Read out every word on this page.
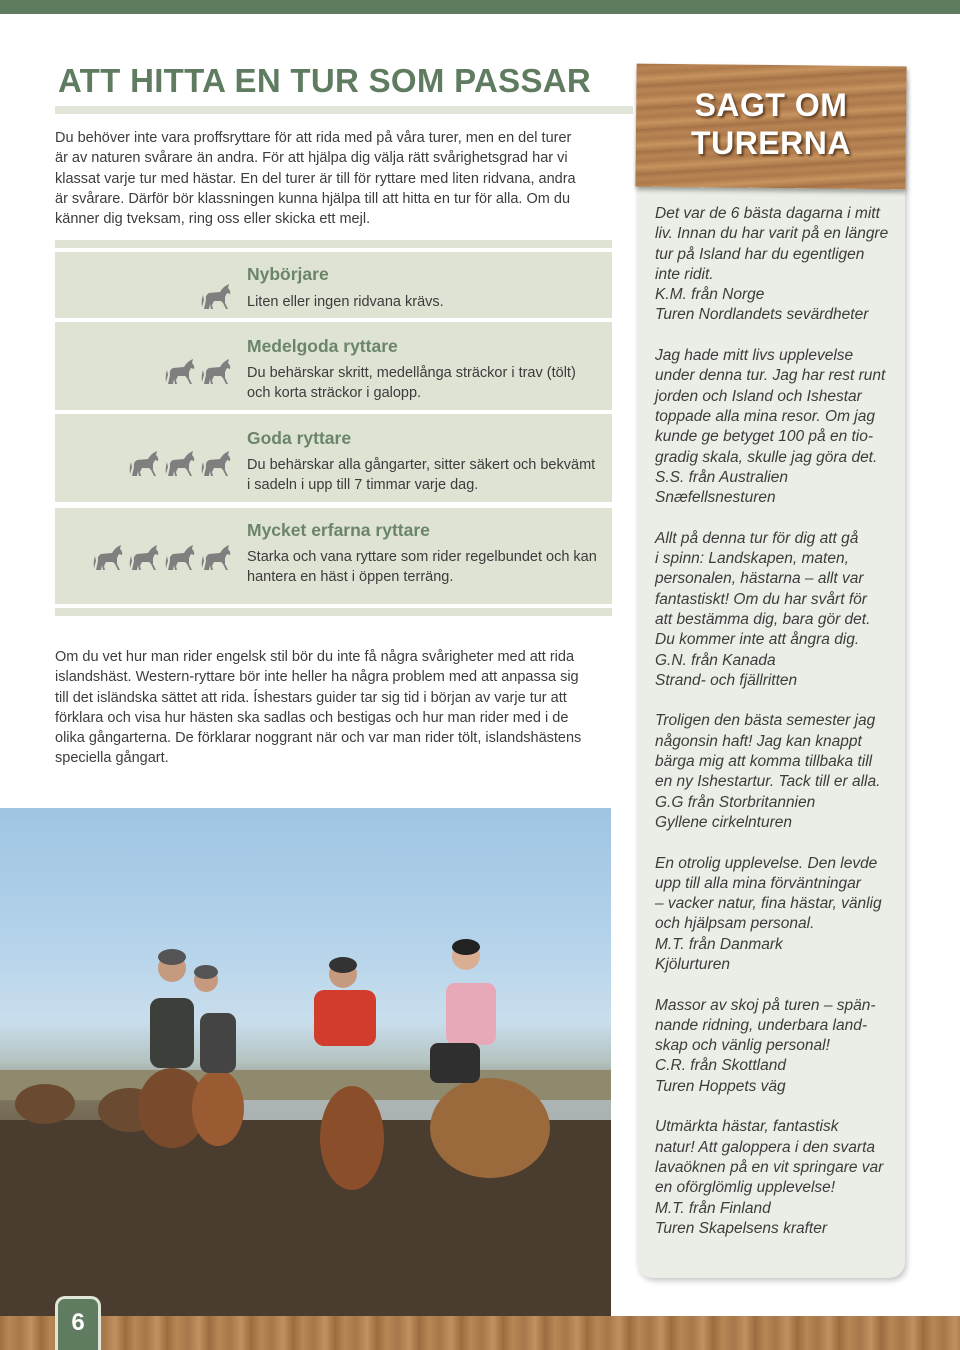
ATT HITTA EN TUR SOM PASSAR
Du behöver inte vara proffsryttare för att rida med på våra turer, men en del turer
är av naturen svårare än andra. För att hjälpa dig välja rätt svårighetsgrad har vi
klassat varje tur med hästar. En del turer är till för ryttare med liten ridvana, andra
är svårare. Därför bör klassningen kunna hjälpa till att hitta en tur för alla. Om du
känner dig tveksam, ring oss eller skicka ett mejl.
Nybörjare
Liten eller ingen ridvana krävs.
Medelgoda ryttare
Du behärskar skritt, medellånga sträckor i trav (tölt) och korta sträckor i galopp.
Goda ryttare
Du behärskar alla gångarter, sitter säkert och bekvämt i sadeln i upp till 7 timmar varje dag.
Mycket erfarna ryttare
Starka och vana ryttare som rider regelbundet och kan hantera en häst i öppen terräng.
Om du vet hur man rider engelsk stil bör du inte få några svårigheter med att rida
islandshäst. Western-ryttare bör inte heller ha några problem med att anpassa sig
till det isländska sättet att rida. Íshestars guider tar sig tid i början av varje tur att
förklara och visa hur hästen ska sadlas och bestigas och hur man rider med i de
olika gångarterna. De förklarar noggrant när och var man rider tölt, islandshästens
speciella gångart.
6
SAGT OM
TURERNA
Det var de 6 bästa dagarna i mitt
liv. Innan du har varit på en längre
tur på Island har du egentligen
inte ridit.
K.M. från Norge
Turen Nordlandets sevärdheter
Jag hade mitt livs upplevelse
under denna tur. Jag har rest runt
jorden och Island och Ishestar
toppade alla mina resor. Om jag
kunde ge betyget 100 på en tio-
gradig skala, skulle jag göra det.
S.S. från Australien
Snæfellsnesturen
Allt på denna tur för dig att gå
i spinn: Landskapen, maten,
personalen, hästarna – allt var
fantastiskt! Om du har svårt för
att bestämma dig, bara gör det.
Du kommer inte att ångra dig.
G.N. från Kanada
Strand- och fjällritten
Troligen den bästa semester jag
någonsin haft! Jag kan knappt
bärga mig att komma tillbaka till
en ny Ishestartur. Tack till er alla.
G.G från Storbritannien
Gyllene cirkelnturen
En otrolig upplevelse. Den levde
upp till alla mina förväntningar
– vacker natur, fina hästar, vänlig
och hjälpsam personal.
M.T. från Danmark
Kjölurturen
Massor av skoj på turen – spän-
nande ridning, underbara land-
skap och vänlig personal!
C.R. från Skottland
Turen Hoppets väg
Utmärkta hästar, fantastisk
natur! Att galoppera i den svarta
lavaöknen på en vit springare var
en oförglömlig upplevelse!
M.T. från Finland
Turen Skapelsens krafter
